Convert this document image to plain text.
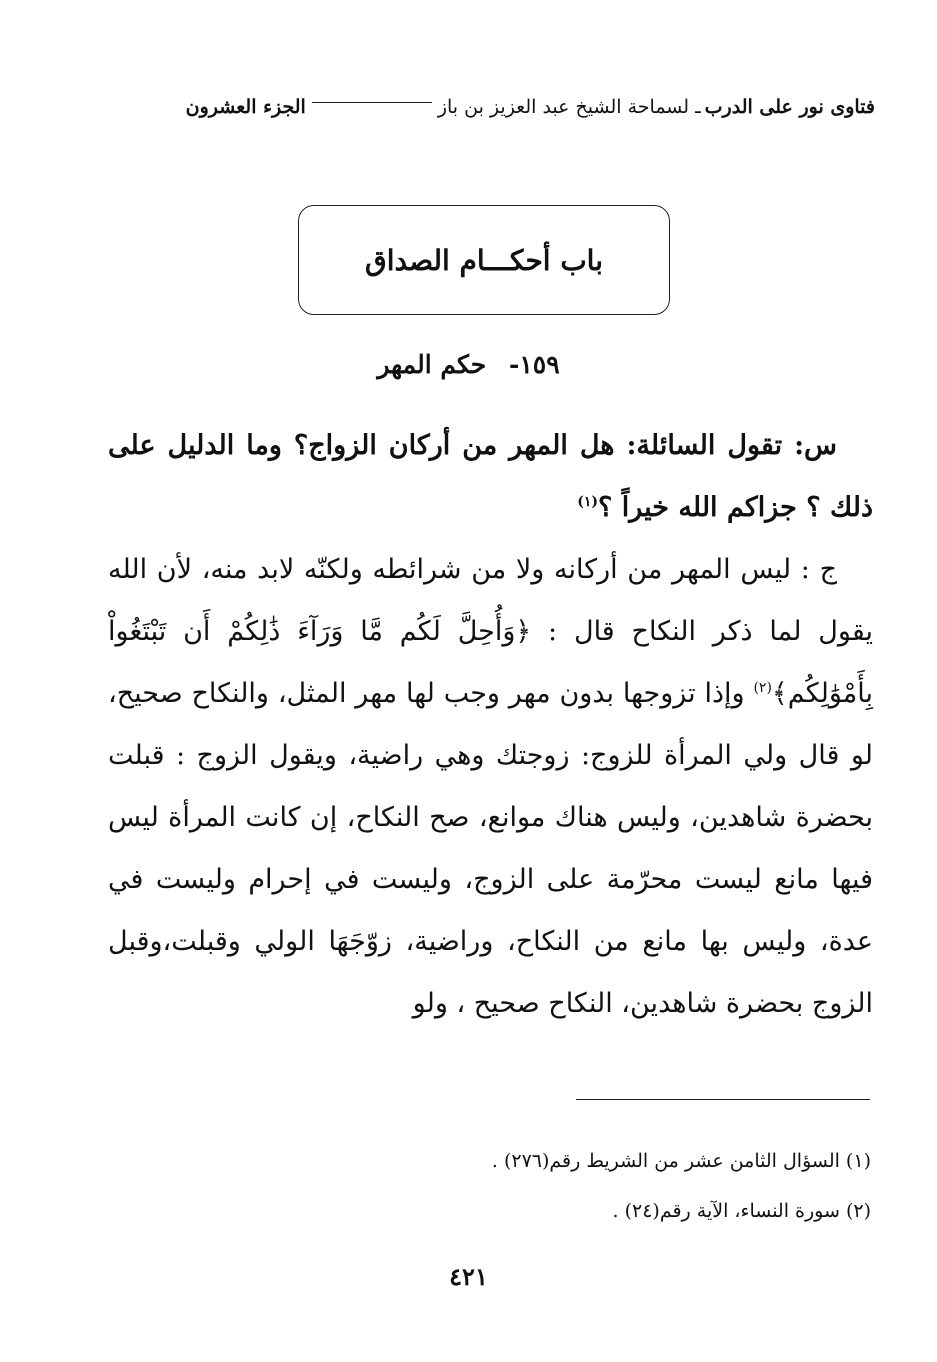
فتاوى نور على الدرب
ـ لسماحة الشيخ عبد العزيز بن باز
الجزء العشرون
باب أحكـــام الصداق
١٥٩- حكم المهر

س: تقول السائلة: هل المهر من أركان الزواج؟ وما الدليل على ذلك ؟ جزاكم الله خيراً ؟$^{(١)}$

ج : ليس المهر من أركانه ولا من شرائطه ولكنّه لابد منه، لأن الله يقول لما ذكر النكاح قال : ﴿وَأُحِلَّ لَكُم مَّا وَرَآءَ ذَٰلِكُمْ أَن تَبْتَغُواْ بِأَمْوَٰلِكُم﴾$^{(٢)}$ وإذا تزوجها بدون مهر وجب لها مهر المثل، والنكاح صحيح، لو قال ولي المرأة للزوج: زوجتك وهي راضية، ويقول الزوج : قبلت بحضرة شاهدين، وليس هناك موانع، صح النكاح، إن كانت المرأة ليس فيها مانع ليست محرّمة على الزوج، وليست في إحرام وليست في عدة، وليس بها مانع من النكاح، وراضية، زوّجَهَا الولي وقبلت،وقبل الزوج بحضرة شاهدين، النكاح صحيح ، ولو

(١) السؤال الثامن عشر من الشريط رقم(٢٧٦) .

(٢) سورة النساء، الآية رقم(٢٤) .

٤٢١
